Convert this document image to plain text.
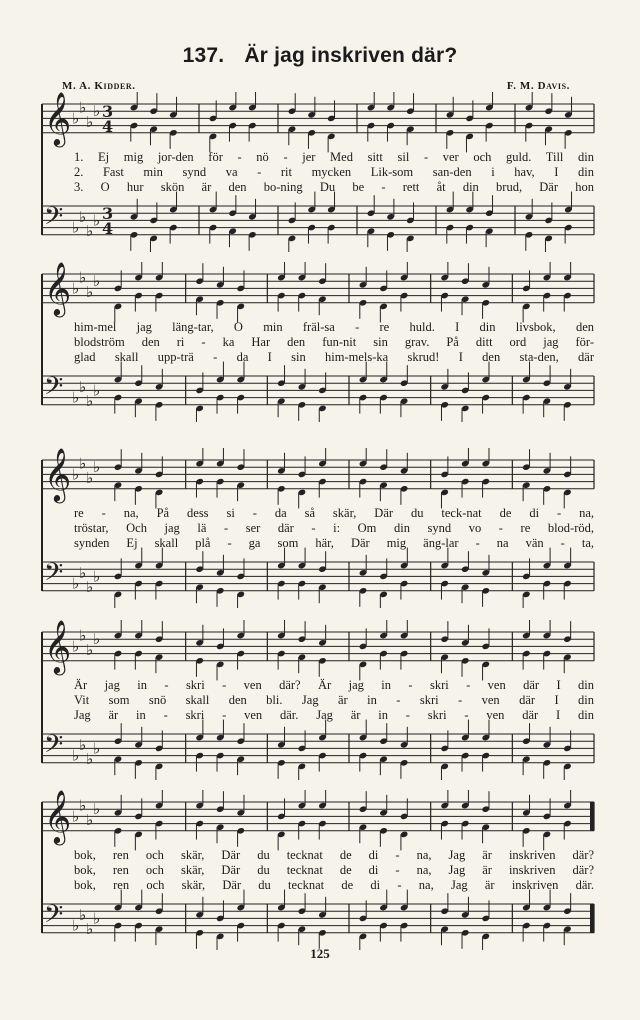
137. Är jag inskriven där?
M. A. Kidder.	F. M. Davis.
𝄞 ♭
♭
♭
♭ 3
4
𝄢 ♭
♭
♭
♭ 3
4
1. Ej mig jor-den för - nö - jer Med sitt sil - ver och guld. Till din
2. Fast min synd va - rit mycken Lik-som san-den i hav, I din
3. O hur skön är den bo-ning Du be - rett åt din brud, Där hon
𝄞 ♭
♭
♭
♭
𝄢 ♭
♭
♭
♭
him-mel jag läng-tar, O min fräl-sa - re huld. I din livsbok, den
blodström den ri - ka Har den fun-nit sin grav. På ditt ord jag för-
glad skall upp-trä - da I sin him-mels-ka skrud! I den sta-den, där
𝄞 ♭
♭
♭
♭
𝄢 ♭
♭
♭
♭
re - na, På dess si - da så skär, Där du teck-nat de di - na,
tröstar, Och jag lä - ser där - i: Om din synd vo - re blod-röd,
synden Ej skall plå - ga som här, Där mig äng-lar - na vän - ta,
𝄞 ♭
♭
♭
♭
𝄢 ♭
♭
♭
♭
Är jag in - skri - ven där? Är jag in - skri - ven där I din
Vit som snö skall den bli. Jag är in - skri - ven där I din
Jag är in - skri - ven där. Jag är in - skri - ven där I din
𝄞 ♭
♭
♭
♭
𝄢 ♭
♭
♭
♭
bok, ren och skär, Där du tecknat de di - na, Jag är inskriven där?
bok, ren och skär, Där du tecknat de di - na, Jag är inskriven där?
bok, ren och skär, Där du tecknat de di - na, Jag är inskriven där.
125
